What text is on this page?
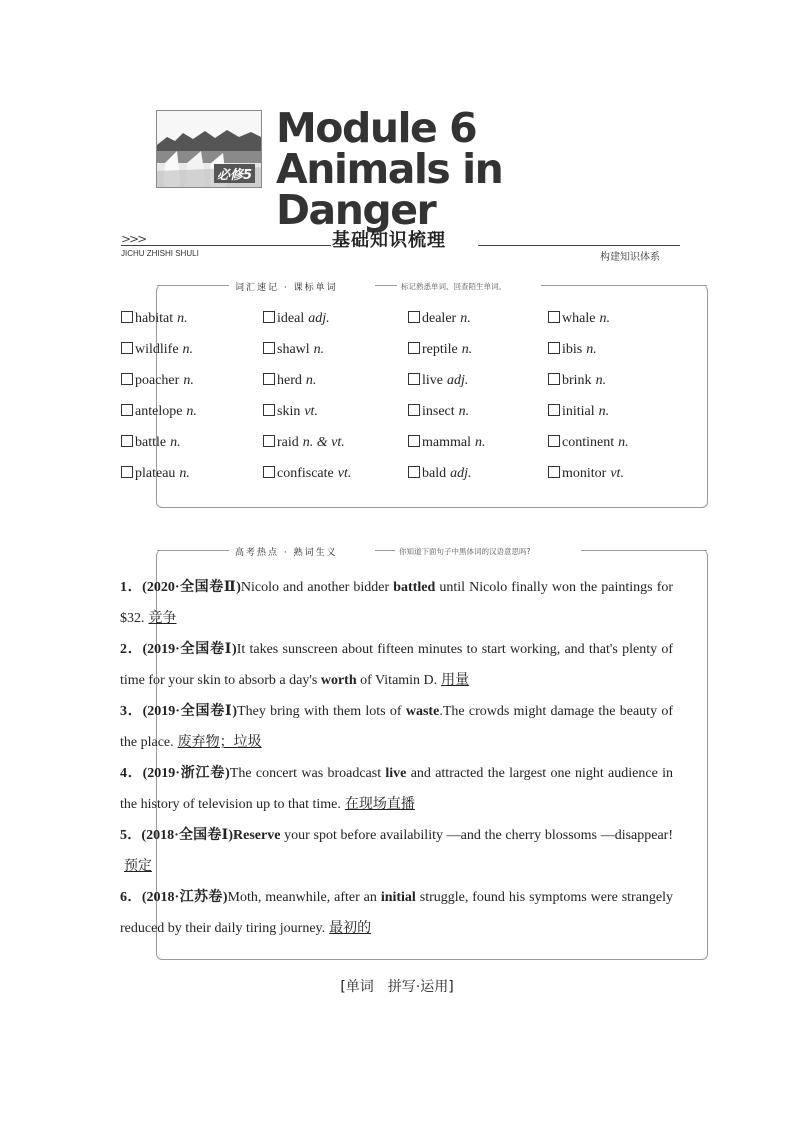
必修5
Module 6 Animals in Danger
>>>	基础知识梳理
JICHU ZHISHI SHULI	构建知识体系
词汇速记 · 课标单词	标记熟悉单词、回查陌生单词。
habitat n.	ideal adj.	dealer n.	whale n.
wildlife n.	shawl n.	reptile n.	ibis n.
poacher n.	herd n.	live adj.	brink n.
antelope n.	skin vt.	insect n.	initial n.
battle n.	raid n. & vt.	mammal n.	continent n.
plateau n.	confiscate vt.	bald adj.	monitor vt.
高考热点 · 熟词生义	你知道下面句子中黑体词的汉语意思吗?
1．(2020·全国卷Ⅱ)Nicolo and another bidder battled until Nicolo finally won the paintings for $32. 竞争
2．(2019·全国卷Ⅰ)It takes sunscreen about fifteen minutes to start working, and that's plenty of time for your skin to absorb a day's worth of Vitamin D. 用量
3．(2019·全国卷Ⅰ)They bring with them lots of waste.The crowds might damage the beauty of the place. 废弃物；垃圾
4．(2019·浙江卷)The concert was broadcast live and attracted the largest one night audience in the history of television up to that time. 在现场直播
5．(2018·全国卷Ⅰ)Reserve your spot before availability —and the cherry blossoms —disappear!预定
6．(2018·江苏卷)Moth, meanwhile, after an initial struggle, found his symptoms were strangely reduced by their daily tiring journey. 最初的
[单词　拼写·运用]
